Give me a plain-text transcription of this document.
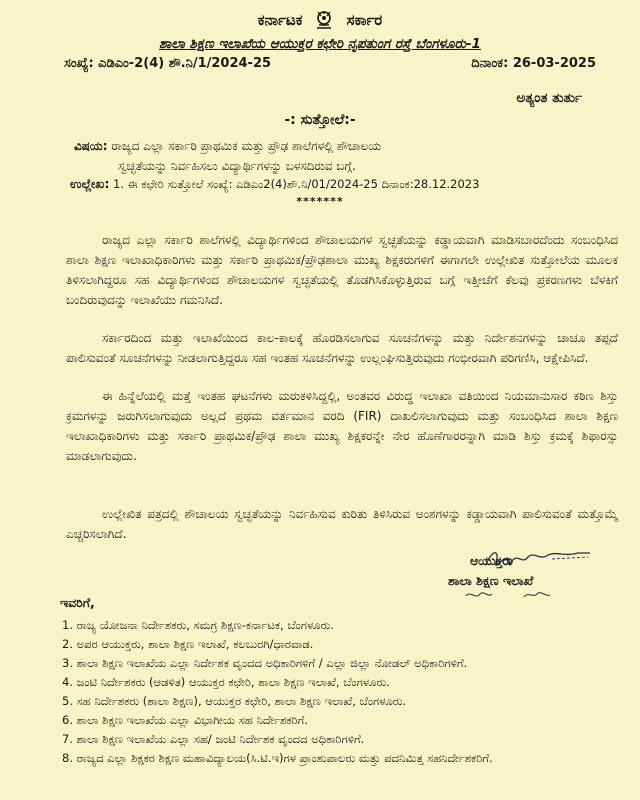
ಕರ್ನಾಟಕ	ಸರ್ಕಾರ
ಶಾಲಾ ಶಿಕ್ಷಣ ಇಲಾಖೆಯ ಆಯುಕ್ತರ ಕಛೇರಿ ನೃಪತುಂಗ ರಸ್ತೆ ಬೆಂಗಳೂರು-1
ಸಂಖ್ಯೆ: ಎಡಿಎಂ-2(4) ಶೌ.ನಿ/1/2024-25	ದಿನಾಂಕ: 26-03-2025
ಅತ್ಯಂತ ತುರ್ತು
-: ಸುತ್ತೋಲೆ:-
ವಿಷಯ: ರಾಜ್ಯದ ಎಲ್ಲಾ ಸರ್ಕಾರಿ ಪ್ರಾಥಮಿಕ ಮತ್ತು ಪ್ರೌಢ ಶಾಲೆಗಳಲ್ಲಿ ಶೌಚಾಲಯ
ಸ್ವಚ್ಛತೆಯನ್ನು ನಿರ್ವಹಿಸಲು ವಿದ್ಯಾರ್ಥಿಗಳನ್ನು ಬಳಸದಿರುವ ಬಗ್ಗೆ.
ಉಲ್ಲೇಖ: 1. ಈ ಕಛೇರಿ ಸುತ್ತೋಲೆ ಸಂಖ್ಯೆ: ಎಡಿಎಂ2(4)ಶೌ.ನಿ/01/2024-25 ದಿನಾಂಕ:28.12.2023
*******
ರಾಜ್ಯದ ಎಲ್ಲಾ ಸರ್ಕಾರಿ ಶಾಲೆಗಳಲ್ಲಿ ವಿದ್ಯಾರ್ಥಿಗಳಿಂದ ಶೌಚಾಲಯಗಳ ಸ್ವಚ್ಛತೆಯನ್ನು ಕಡ್ಡಾಯವಾಗಿ ಮಾಡಿಸಬಾರದೆಂದು ಸಂಬಂಧಿಸಿದ ಶಾಲಾ ಶಿಕ್ಷಣ ಇಲಾಖಾಧಿಕಾರಿಗಳು ಮತ್ತು ಸರ್ಕಾರಿ ಪ್ರಾಥಮಿಕ/ಪ್ರೌಢಶಾಲಾ ಮುಖ್ಯ ಶಿಕ್ಷಕರುಗಳಿಗೆ ಈಗಾಗಲೇ ಉಲ್ಲೇಖಿತ ಸುತ್ತೋಲೆಯ ಮೂಲಕ ತಿಳಿಸಲಾಗಿದ್ದರೂ ಸಹ ವಿದ್ಯಾರ್ಥಿಗಳಿಂದ ಶೌಚಾಲಯಗಳ ಸ್ವಚ್ಛತೆಯಲ್ಲಿ ತೊಡಗಿಸಿಕೊಳ್ಳುತ್ತಿರುವ ಬಗ್ಗೆ ಇತ್ತೀಚೆಗೆ ಕೆಲವು ಪ್ರಕರಣಗಳು ಬೆಳಕಿಗೆ ಬಂದಿರುವುದನ್ನು ಇಲಾಖೆಯು ಗಮನಿಸಿದೆ.
ಸರ್ಕಾರದಿಂದ ಮತ್ತು ಇಲಾಖೆಯಿಂದ ಕಾಲ-ಕಾಲಕ್ಕೆ ಹೊರಡಿಸಲಾಗುವ ಸೂಚನೆಗಳನ್ನು ಮತ್ತು ನಿರ್ದೇಶನಗಳನ್ನು ಚಾಚೂ ತಪ್ಪದೆ ಪಾಲಿಸುವಂತೆ ಸೂಚನೆಗಳನ್ನು ನೀಡಲಾಗುತ್ತಿದ್ದರೂ ಸಹ ಇಂತಹ ಸೂಚನೆಗಳನ್ನು ಉಲ್ಲಂಘಿಸುತ್ತಿರುವುದು ಗಂಭೀರವಾಗಿ ಪರಿಗಣಿಸಿ, ಆಕ್ಷೇಪಿಸಿದೆ.
ಈ ಹಿನ್ನೆಲೆಯಲ್ಲಿ ಮತ್ತೆ ಇಂತಹ ಘಟನೆಗಳು ಮರುಕಳಿಸಿದ್ದಲ್ಲಿ, ಅಂತವರ ವಿರುದ್ಧ ಇಲಾಖಾ ವತಿಯಿಂದ ನಿಯಮಾನುಸಾರ ಕಠಿಣ ಶಿಸ್ತು ಕ್ರಮಗಳನ್ನು ಜರುಗಿಸಲಾಗುವುದು ಅಲ್ಲದೆ ಪ್ರಥಮ ವರ್ತಮಾನ ವರದಿ (FIR) ದಾಖಲಿಸಲಾಗುವುದು ಮತ್ತು ಸಂಬಂಧಿಸಿದ ಶಾಲಾ ಶಿಕ್ಷಣ ಇಲಾಖಾಧಿಕಾರಿಗಳು ಮತ್ತು ಸರ್ಕಾರಿ ಪ್ರಾಥಮಿಕ/ಪ್ರೌಢ ಶಾಲಾ ಮುಖ್ಯ ಶಿಕ್ಷಕರನ್ನೇ ನೇರ ಹೊಣೆಗಾರರನ್ನಾಗಿ ಮಾಡಿ ಶಿಸ್ತು ಕ್ರಮಕ್ಕೆ ಶಿಫಾರಸ್ಸು ಮಾಡಲಾಗುವುದು.
ಉಲ್ಲೇಖಿತ ಪತ್ರದಲ್ಲಿ ಶೌಚಾಲಯ ಸ್ವಚ್ಛತೆಯನ್ನು ನಿರ್ವಹಿಸುವ ಕುರಿತು ತಿಳಿಸಿರುವ ಅಂಶಗಳನ್ನು ಕಡ್ಡಾಯವಾಗಿ ಪಾಲಿಸುವಂತೆ ಮತ್ತೊಮ್ಮೆ ಎಚ್ಚರಿಸಲಾಗಿದೆ.
ಆಯುಕ್ತರು
ಶಾಲಾ ಶಿಕ್ಷಣ ಇಲಾಖೆ
ಇವರಿಗೆ,
1. ರಾಜ್ಯ ಯೋಜನಾ ನಿರ್ದೇಶಕರು, ಸಮಗ್ರ ಶಿಕ್ಷಣ-ಕರ್ನಾಟಕ, ಬೆಂಗಳೂರು.
2. ಅಪರ ಆಯುಕ್ತರು, ಶಾಲಾ ಶಿಕ್ಷಣ ಇಲಾಖೆ, ಕಲಬುರಗಿ/ಧಾರವಾಡ.
3. ಶಾಲಾ ಶಿಕ್ಷಣ ಇಲಾಖೆಯ ಎಲ್ಲಾ ನಿರ್ದೇಶಕ ವೃಂದದ ಅಧಿಕಾರಿಗಳಿಗೆ / ಎಲ್ಲಾ ಜಿಲ್ಲಾ ನೋಡಲ್ ಅಧಿಕಾರಿಗಳಿಗೆ.
4. ಜಂಟಿ ನಿರ್ದೇಶಕರು (ಆಡಳಿತ) ಆಯುಕ್ತರ ಕಛೇರಿ, ಶಾಲಾ ಶಿಕ್ಷಣ ಇಲಾಖೆ, ಬೆಂಗಳೂರು.
5. ಸಹ ನಿರ್ದೇಶಕರು (ಶಾಲಾ ಶಿಕ್ಷಣ), ಆಯುಕ್ತರ ಕಛೇರಿ, ಶಾಲಾ ಶಿಕ್ಷಣ ಇಲಾಖೆ, ಬೆಂಗಳೂರು.
6. ಶಾಲಾ ಶಿಕ್ಷಣ ಇಲಾಖೆಯ ಎಲ್ಲಾ ವಿಭಾಗೀಯ ಸಹ ನಿರ್ದೇಶಕರಿಗೆ.
7. ಶಾಲಾ ಶಿಕ್ಷಣ ಇಲಾಖೆಯ ಎಲ್ಲಾ ಸಹ/ ಜಂಟಿ ನಿರ್ದೇಶಕ ವೃಂದದ ಅಧಿಕಾರಿಗಳಿಗೆ.
8. ರಾಜ್ಯದ ಎಲ್ಲಾ ಶಿಕ್ಷಕರ ಶಿಕ್ಷಣ ಮಹಾವಿದ್ಯಾಲಯ(ಸಿ.ಟಿ.ಇ)ಗಳ ಪ್ರಾಂಶುಪಾಲರು ಮತ್ತು ಪದನಿಮಿತ್ತ ಸಹನಿರ್ದೇಶಕರಿಗೆ.
